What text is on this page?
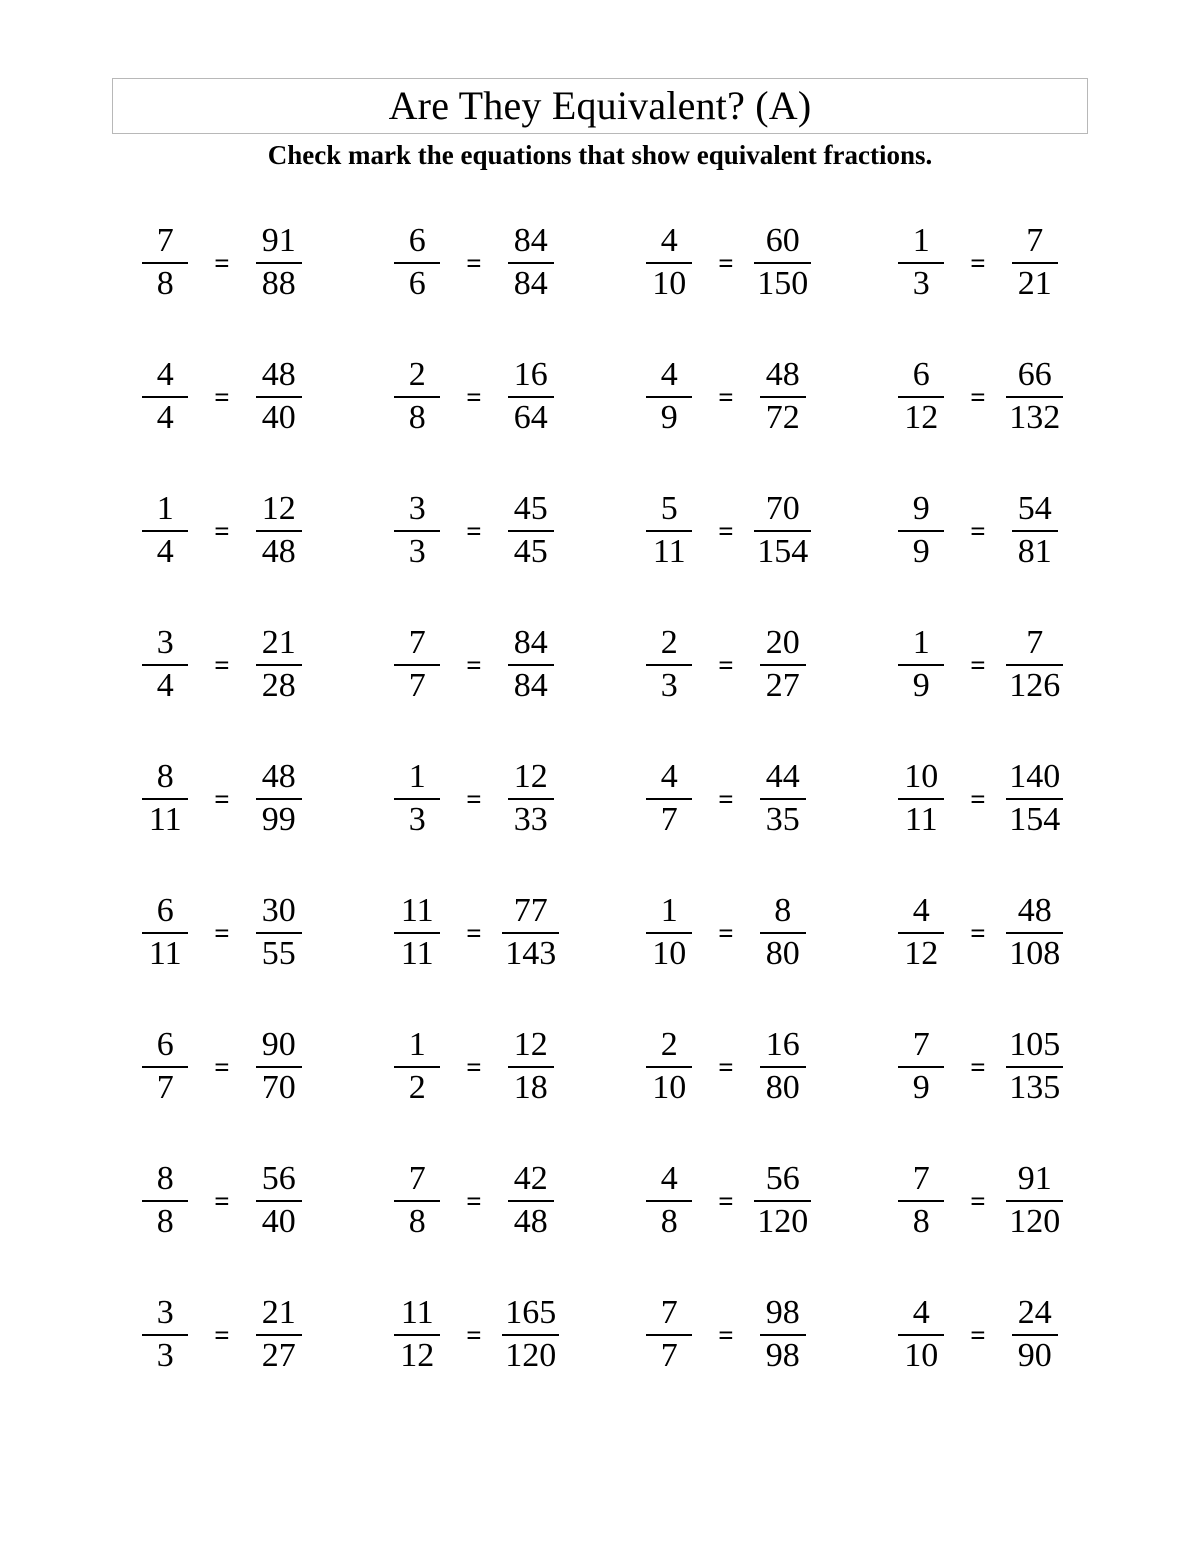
Are They Equivalent? (A)
Check mark the equations that show equivalent fractions.
$\frac{7}{8} = \frac{91}{88}$	$\frac{6}{6} = \frac{84}{84}$	$\frac{4}{10} = \frac{60}{150}$	$\frac{1}{3} = \frac{7}{21}$
$\frac{4}{4} = \frac{48}{40}$	$\frac{2}{8} = \frac{16}{64}$	$\frac{4}{9} = \frac{48}{72}$	$\frac{6}{12} = \frac{66}{132}$
$\frac{1}{4} = \frac{12}{48}$	$\frac{3}{3} = \frac{45}{45}$	$\frac{5}{11} = \frac{70}{154}$	$\frac{9}{9} = \frac{54}{81}$
$\frac{3}{4} = \frac{21}{28}$	$\frac{7}{7} = \frac{84}{84}$	$\frac{2}{3} = \frac{20}{27}$	$\frac{1}{9} = \frac{7}{126}$
$\frac{8}{11} = \frac{48}{99}$	$\frac{1}{3} = \frac{12}{33}$	$\frac{4}{7} = \frac{44}{35}$	$\frac{10}{11} = \frac{140}{154}$
$\frac{6}{11} = \frac{30}{55}$	$\frac{11}{11} = \frac{77}{143}$	$\frac{1}{10} = \frac{8}{80}$	$\frac{4}{12} = \frac{48}{108}$
$\frac{6}{7} = \frac{90}{70}$	$\frac{1}{2} = \frac{12}{18}$	$\frac{2}{10} = \frac{16}{80}$	$\frac{7}{9} = \frac{105}{135}$
$\frac{8}{8} = \frac{56}{40}$	$\frac{7}{8} = \frac{42}{48}$	$\frac{4}{8} = \frac{56}{120}$	$\frac{7}{8} = \frac{91}{120}$
$\frac{3}{3} = \frac{21}{27}$	$\frac{11}{12} = \frac{165}{120}$	$\frac{7}{7} = \frac{98}{98}$	$\frac{4}{10} = \frac{24}{90}$
